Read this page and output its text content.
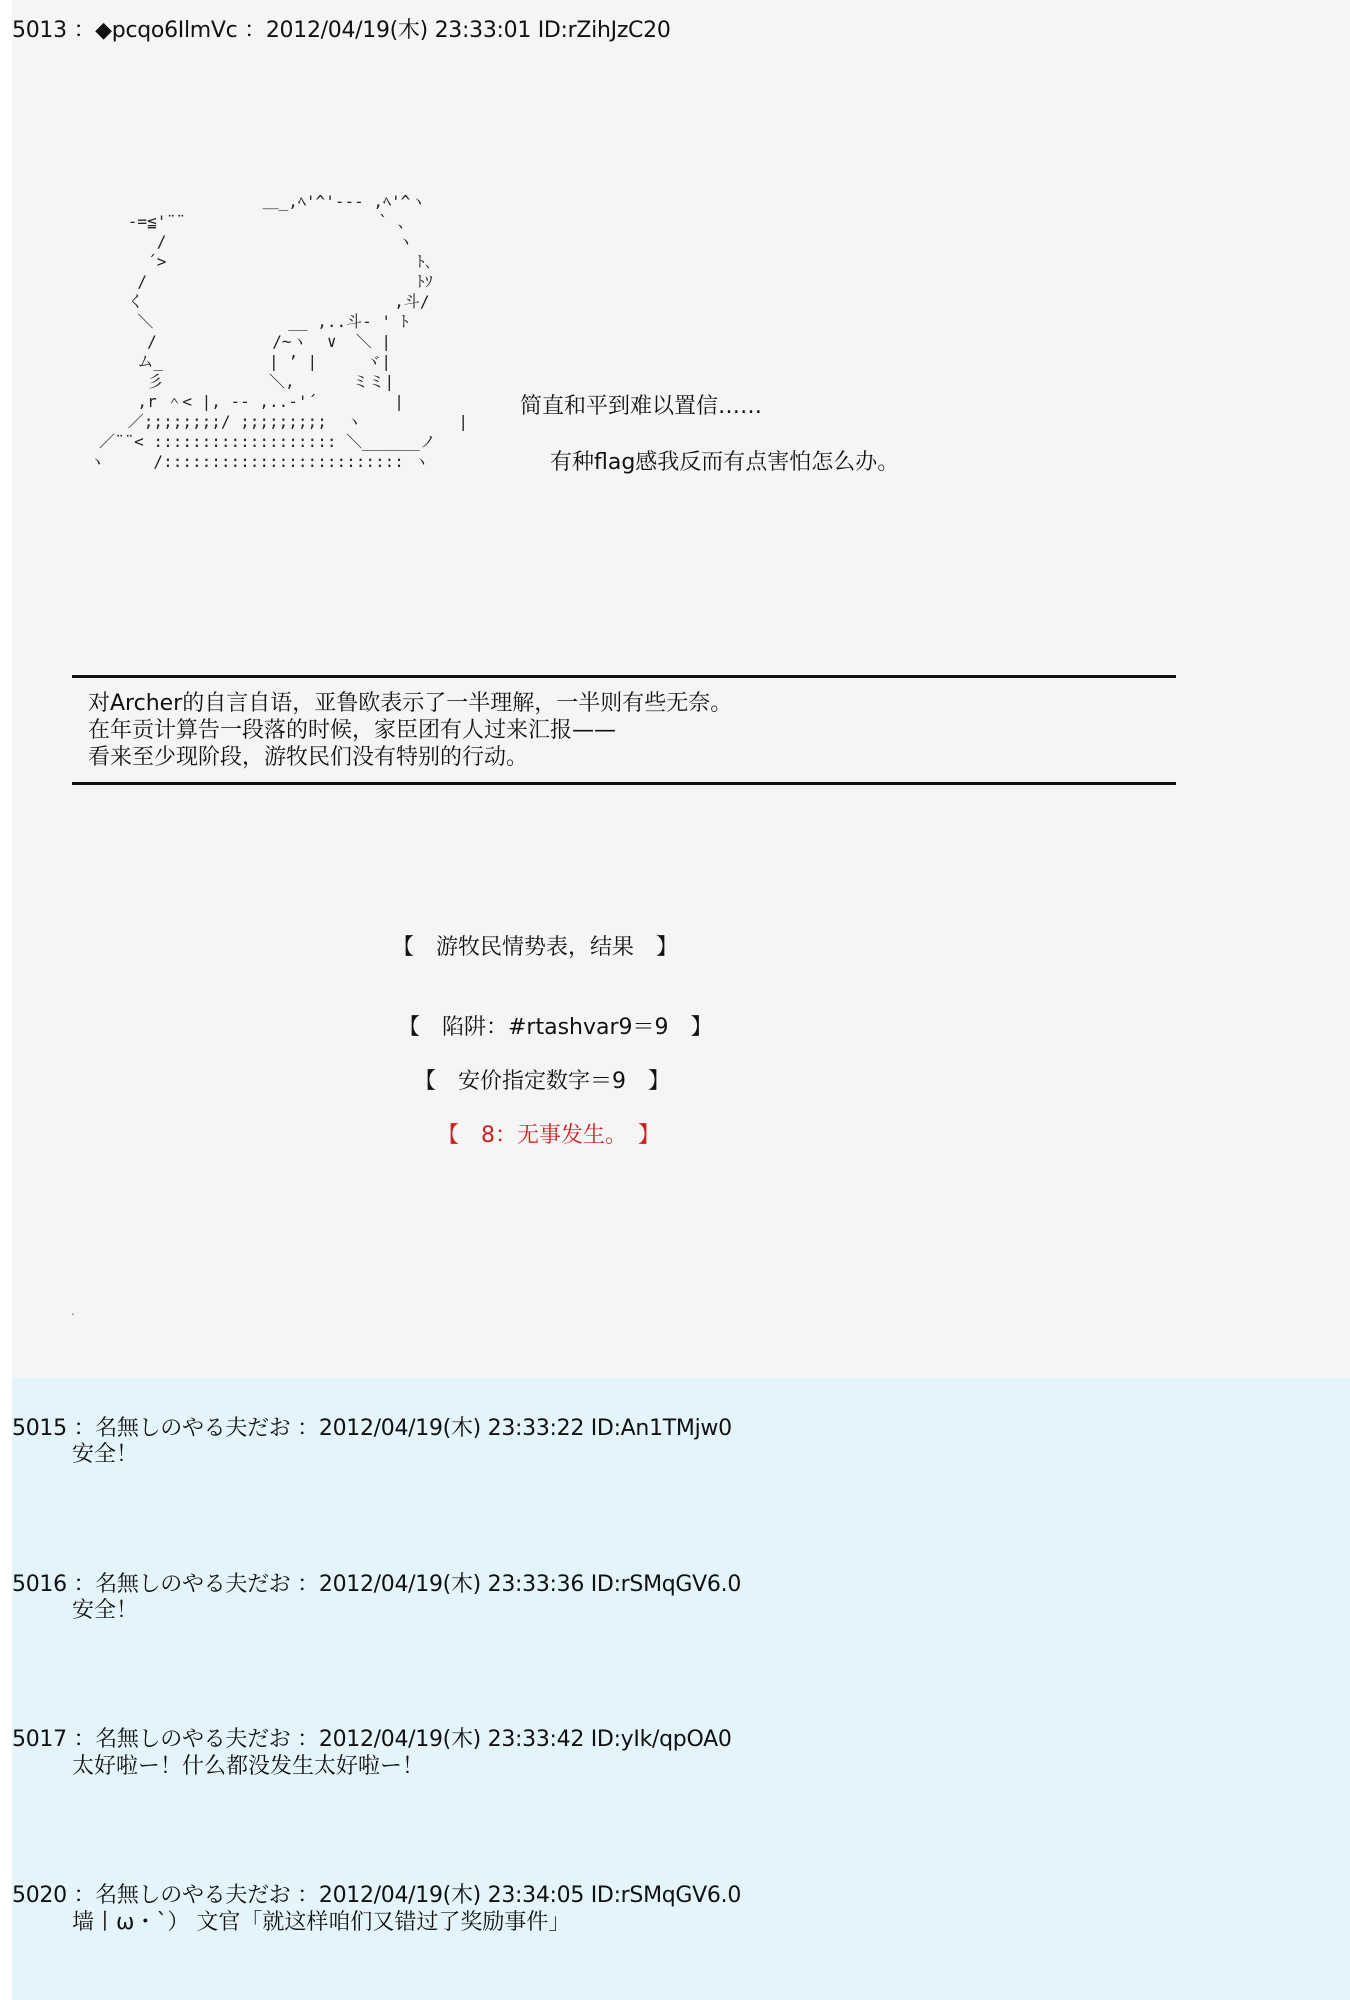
5013 ：◆pcqo6IlmVc ：2012/04/19(木) 23:33:01 ID:rZihJzC20
＿_,ﾍ'^'‐-- ,ﾍ'^ヽ
-=≦'¨¨                    ` 、
/                        ヽ
´>                          ﾄ､
/                            ﾄｿ
く                          ,斗/
＼              __ ,..斗- ' ﾄ
/            /~ヽ  ∨  ＼ |
ム_           | ’ |     ヾ|
彡           ＼,      ミミ|
,r ＾< |, -- ,..-'´        |
／;;;;;;;;/ ;;;;;;;;;  ヽ          |
／¨¨< ::::::::::::::::::: ＼______ノ
ヽ     /::::::::::::::::::::::::: ヽ
简直和平到难以置信……
有种flag感我反而有点害怕怎么办。
对Archer的自言自语，亚鲁欧表示了一半理解，一半则有些无奈。
在年贡计算告一段落的时候，家臣团有人过来汇报——
看来至少现阶段，游牧民们没有特别的行动。
【　游牧民情势表，结果　】
【　陷阱：#rtashvar9＝9　】
【　安价指定数字＝9　】
【　8：无事发生。　】
.
5015 ：名無しのやる夫だお ：2012/04/19(木) 23:33:22 ID:An1TMjw0
安全！
5016 ：名無しのやる夫だお ：2012/04/19(木) 23:33:36 ID:rSMqGV6.0
安全！
5017 ：名無しのやる夫だお ：2012/04/19(木) 23:33:42 ID:yIk/qpOA0
太好啦ー！什么都没发生太好啦ー！
5020 ：名無しのやる夫だお ：2012/04/19(木) 23:34:05 ID:rSMqGV6.0
墙丨ω・`） 文官「就这样咱们又错过了奖励事件」
